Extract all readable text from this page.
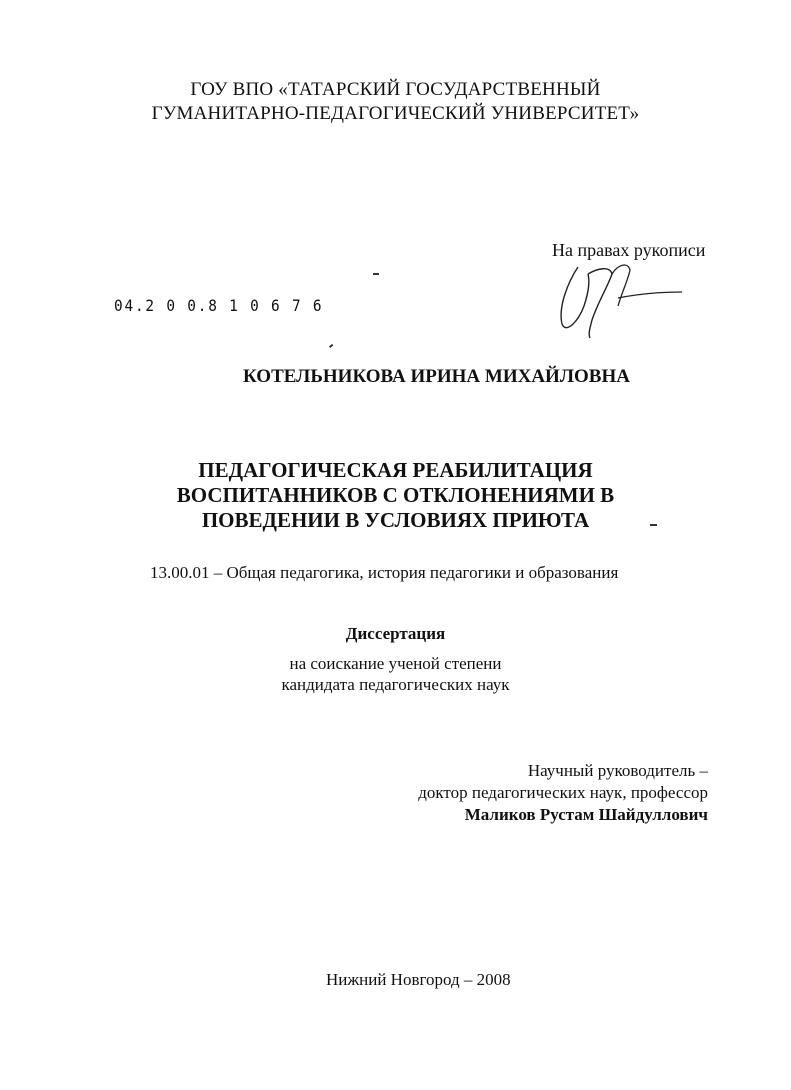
ГОУ ВПО «ТАТАРСКИЙ ГОСУДАРСТВЕННЫЙ
ГУМАНИТАРНО-ПЕДАГОГИЧЕСКИЙ УНИВЕРСИТЕТ»
На правах рукописи
04.2 0 0.8 1 0 6 7 6
КОТЕЛЬНИКОВА ИРИНА МИХАЙЛОВНА
ПЕДАГОГИЧЕСКАЯ РЕАБИЛИТАЦИЯ
ВОСПИТАННИКОВ С ОТКЛОНЕНИЯМИ В
ПОВЕДЕНИИ В УСЛОВИЯХ ПРИЮТА
13.00.01 – Общая педагогика, история педагогики и образования
Диссертация
на соискание ученой степени
кандидата педагогических наук
Научный руководитель –
доктор педагогических наук, профессор
Маликов Рустам Шайдуллович
Нижний Новгород – 2008
